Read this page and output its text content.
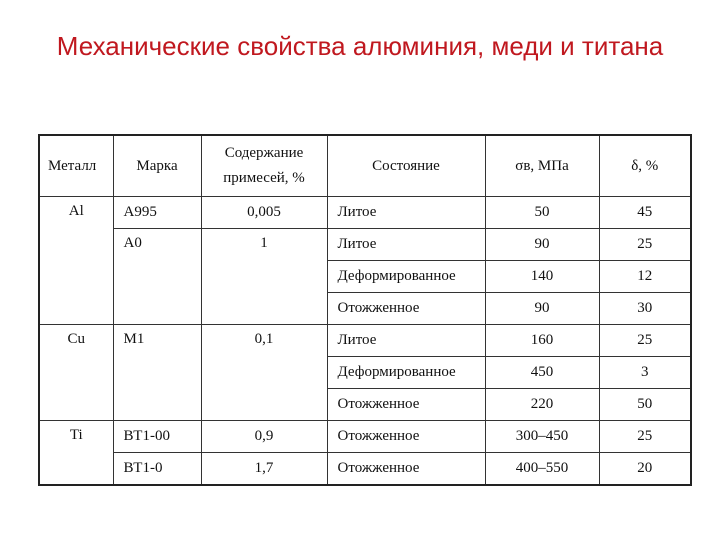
Механические свойства алюминия, меди и титана
Металл	Марка	Содержание примесей, %	Состояние	σв, МПа	δ, %
Al	А995	0,005	Литое	50	45
	А0	1	Литое	90	25
			Деформированное	140	12
			Отожженное	90	30
Cu	М1	0,1	Литое	160	25
			Деформированное	450	3
			Отожженное	220	50
Ti	ВТ1-00	0,9	Отожженное	300–450	25
	ВТ1-0	1,7	Отожженное	400–550	20
